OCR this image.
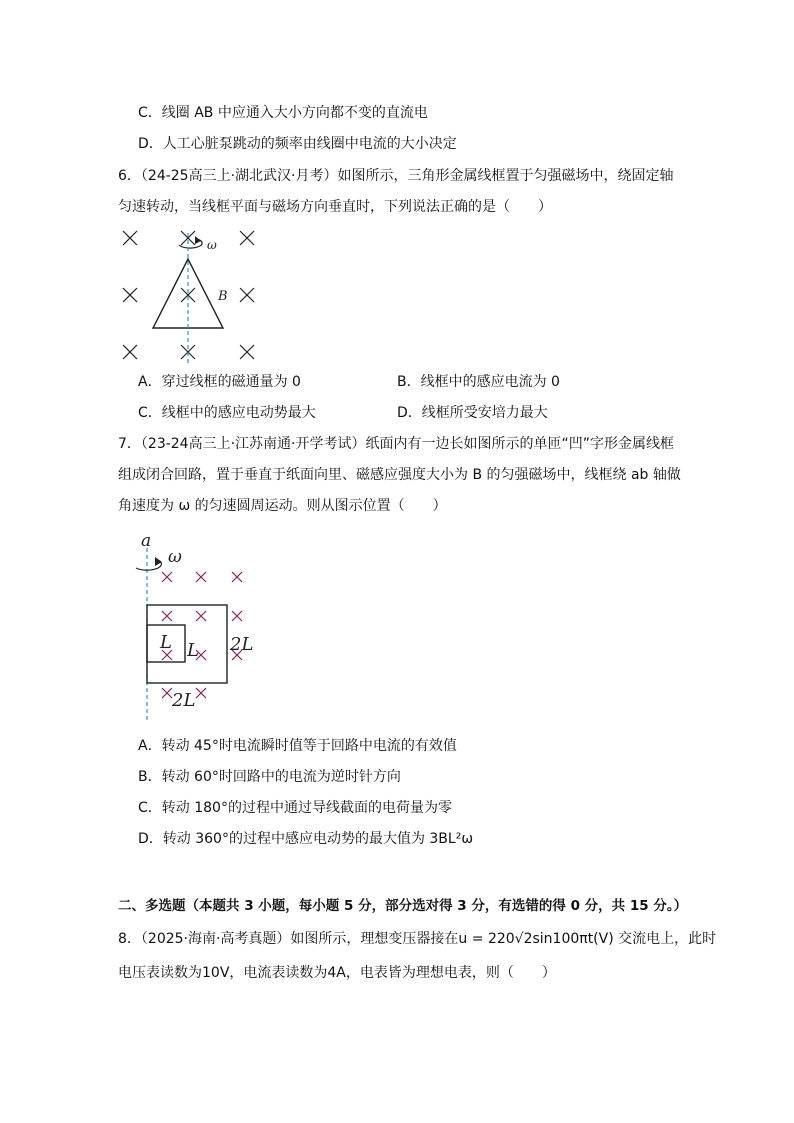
C．线圈 AB 中应通入大小方向都不变的直流电
D．人工心脏泵跳动的频率由线圈中电流的大小决定
6．（24-25高三上·湖北武汉·月考）如图所示，三角形金属线框置于匀强磁场中，绕固定轴
匀速转动，当线框平面与磁场方向垂直时，下列说法正确的是（　　）
ω
B
A．穿过线框的磁通量为 0	B．线框中的感应电流为 0
C．线框中的感应电动势最大	D．线框所受安培力最大
7．（23-24高三上·江苏南通·开学考试）纸面内有一边长如图所示的单匝“凹”字形金属线框
组成闭合回路，置于垂直于纸面向里、磁感应强度大小为 B 的匀强磁场中，线框绕 ab 轴做
角速度为 ω 的匀速圆周运动。则从图示位置（　　）
a
ω
L L 2L
2L
A．转动 45°时电流瞬时值等于回路中电流的有效值
B．转动 60°时回路中的电流为逆时针方向
C．转动 180°的过程中通过导线截面的电荷量为零
D．转动 360°的过程中感应电动势的最大值为 3BL²ω
二、多选题（本题共 3 小题，每小题 5 分，部分选对得 3 分，有选错的得 0 分，共 15 分。）
8．（2025·海南·高考真题）如图所示，理想变压器接在u = 220√2sin100πt(V) 交流电上，此时
电压表读数为10V，电流表读数为4A，电表皆为理想电表，则（　　）
